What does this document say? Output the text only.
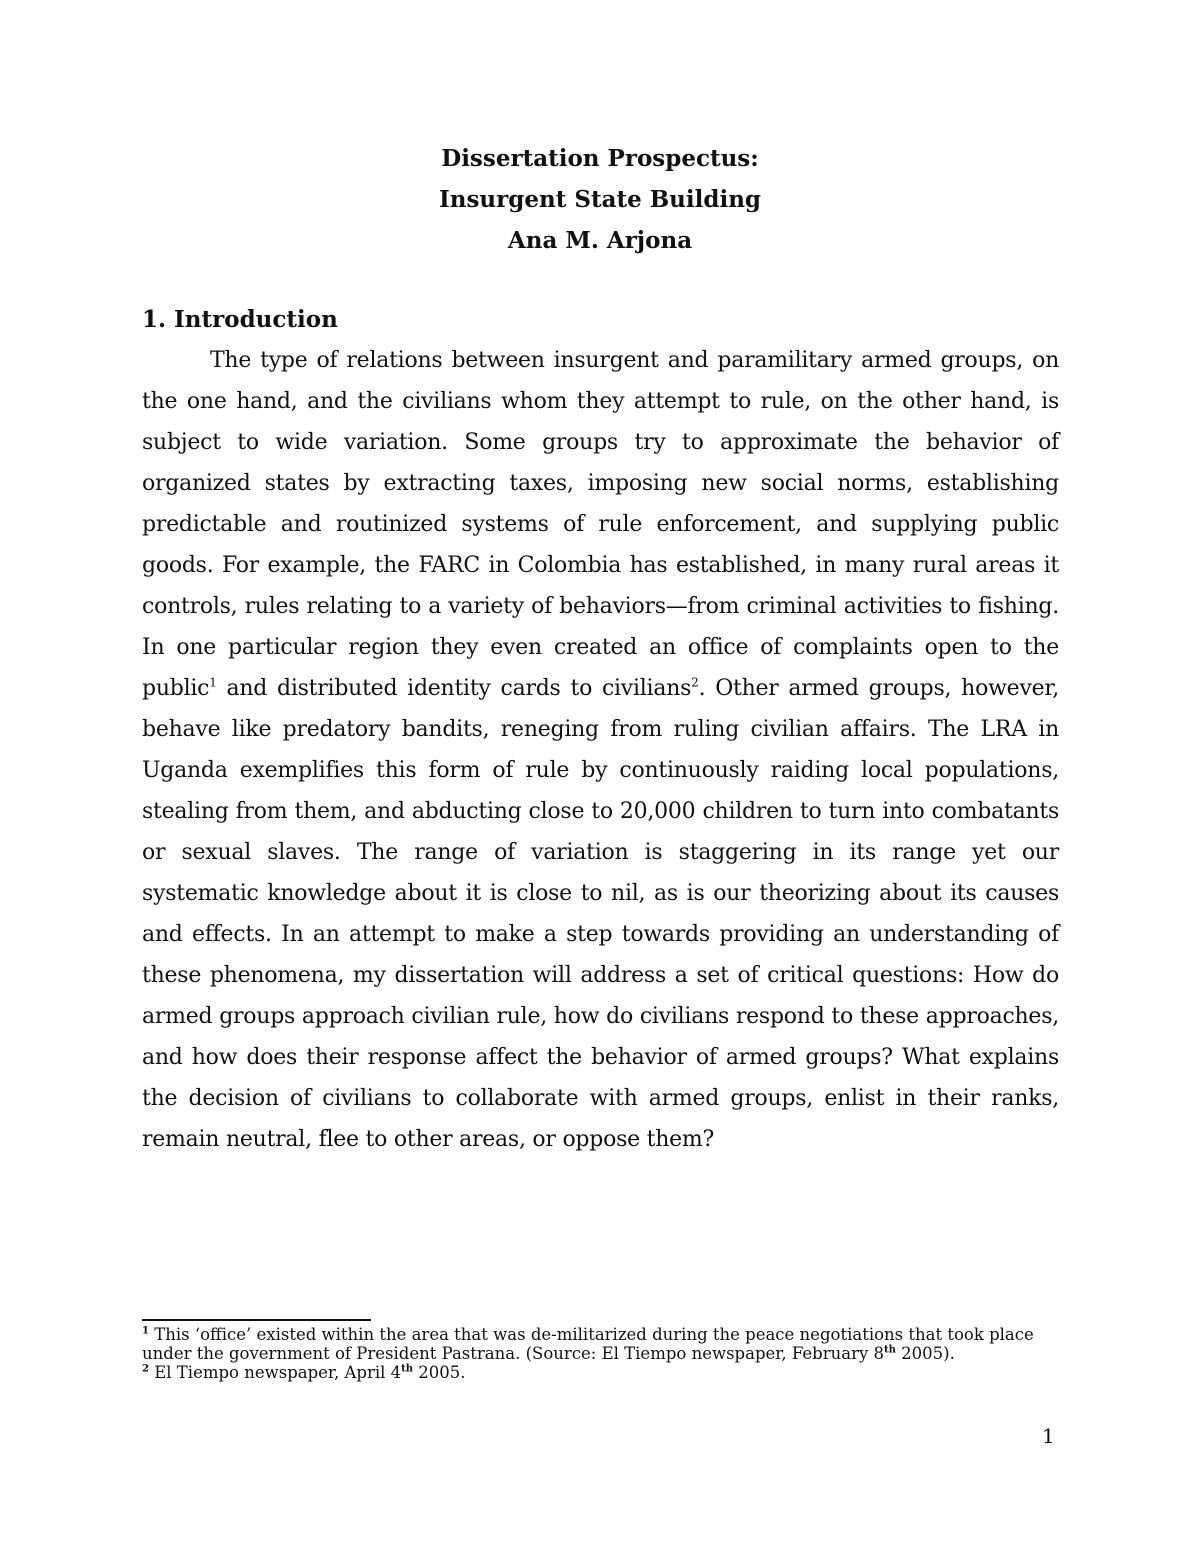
Dissertation Prospectus:
Insurgent State Building
Ana M. Arjona
1. Introduction

The type of relations between insurgent and paramilitary armed groups, on the one hand, and the civilians whom they attempt to rule, on the other hand, is subject to wide variation. Some groups try to approximate the behavior of organized states by extracting taxes, imposing new social norms, establishing predictable and routinized systems of rule enforcement, and supplying public goods. For example, the FARC in Colombia has established, in many rural areas it controls, rules relating to a variety of behaviors—from criminal activities to fishing. In one particular region they even created an office of complaints open to the public$^1$ and distributed identity cards to civilians$^2$. Other armed groups, however, behave like predatory bandits, reneging from ruling civilian affairs. The LRA in Uganda exemplifies this form of rule by continuously raiding local populations, stealing from them, and abducting close to 20,000 children to turn into combatants or sexual slaves. The range of variation is staggering in its range yet our systematic knowledge about it is close to nil, as is our theorizing about its causes and effects. In an attempt to make a step towards providing an understanding of these phenomena, my dissertation will address a set of critical questions: How do armed groups approach civilian rule, how do civilians respond to these approaches, and how does their response affect the behavior of armed groups? What explains the decision of civilians to collaborate with armed groups, enlist in their ranks, remain neutral, flee to other areas, or oppose them?

$^1$ This ‘office’ existed within the area that was de-militarized during the peace negotiations that took place under the government of President Pastrana. (Source: El Tiempo newspaper, February 8th 2005).

$^2$ El Tiempo newspaper, April 4th 2005.

1
